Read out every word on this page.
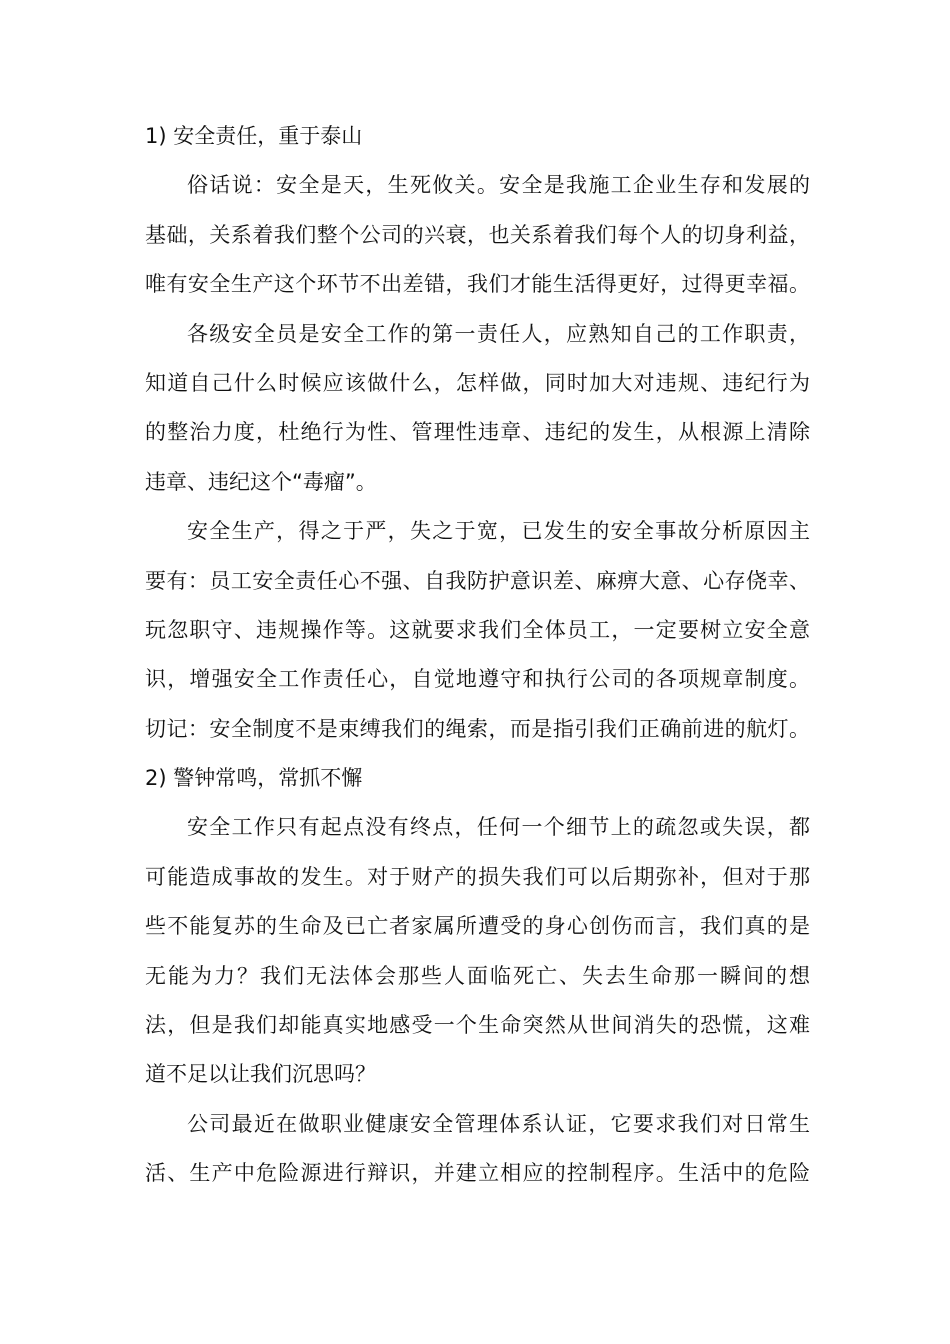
1) 安全责任，重于泰山
俗话说：安全是天，生死攸关。安全是我施工企业生存和发展的
基础，关系着我们整个公司的兴衰，也关系着我们每个人的切身利益，
唯有安全生产这个环节不出差错，我们才能生活得更好，过得更幸福。
各级安全员是安全工作的第一责任人，应熟知自己的工作职责，
知道自己什么时候应该做什么，怎样做，同时加大对违规、违纪行为
的整治力度，杜绝行为性、管理性违章、违纪的发生，从根源上清除
违章、违纪这个“毒瘤”。
安全生产，得之于严，失之于宽，已发生的安全事故分析原因主
要有：员工安全责任心不强、自我防护意识差、麻痹大意、心存侥幸、
玩忽职守、违规操作等。这就要求我们全体员工，一定要树立安全意
识，增强安全工作责任心，自觉地遵守和执行公司的各项规章制度。
切记：安全制度不是束缚我们的绳索，而是指引我们正确前进的航灯。
2) 警钟常鸣，常抓不懈
安全工作只有起点没有终点，任何一个细节上的疏忽或失误，都
可能造成事故的发生。对于财产的损失我们可以后期弥补，但对于那
些不能复苏的生命及已亡者家属所遭受的身心创伤而言，我们真的是
无能为力？我们无法体会那些人面临死亡、失去生命那一瞬间的想
法，但是我们却能真实地感受一个生命突然从世间消失的恐慌，这难
道不足以让我们沉思吗？
公司最近在做职业健康安全管理体系认证，它要求我们对日常生
活、生产中危险源进行辩识，并建立相应的控制程序。生活中的危险
